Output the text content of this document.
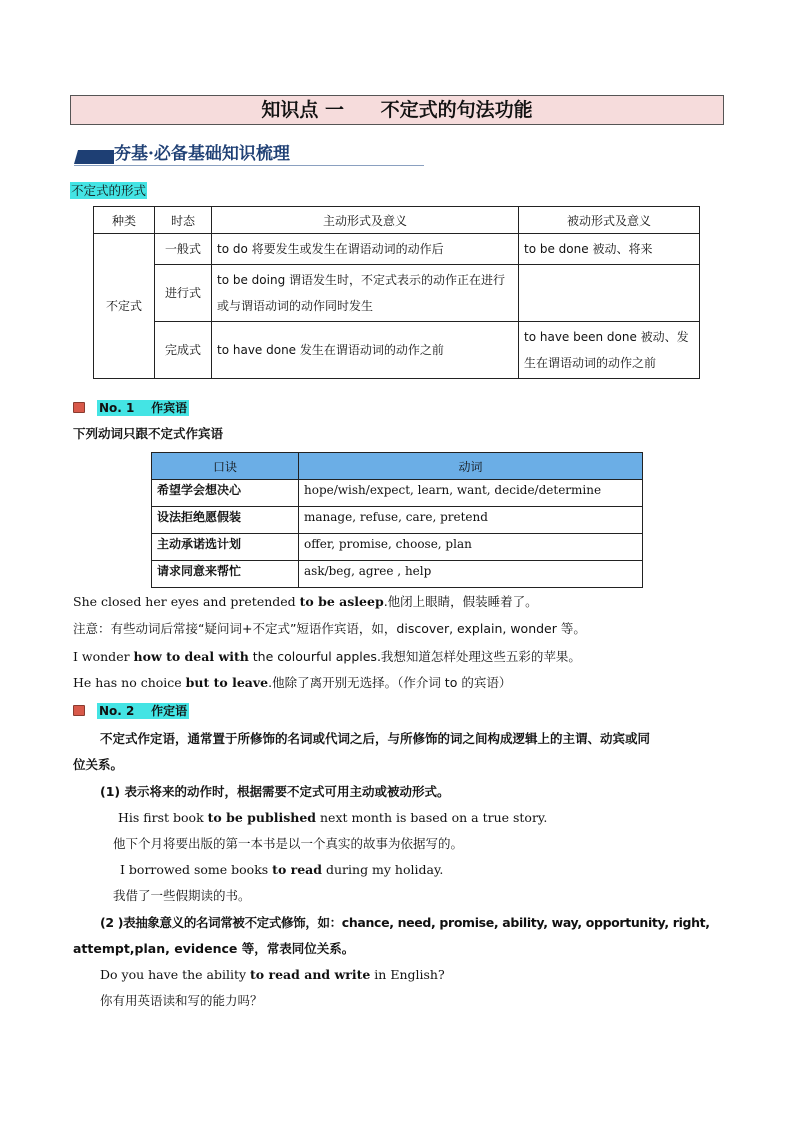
知识点 一 不定式的句法功能
夯基·必备基础知识梳理
不定式的形式
种类	时态	主动形式及意义	被动形式及意义
不定式	一般式	to do 将要发生或发生在谓语动词的动作后	to be done 被动、将来
	进行式	to be doing 谓语发生时，不定式表示的动作正在进行或与谓语动词的动作同时发生	
	完成式	to have done 发生在谓语动词的动作之前	to have been done 被动、发生在谓语动词的动作之前
No. 1 作宾语
下列动词只跟不定式作宾语
口诀	动词
希望学会想决心	hope/wish/expect, learn, want, decide/determine
设法拒绝愿假装	manage, refuse, care, pretend
主动承诺选计划	offer, promise, choose, plan
请求同意来帮忙	ask/beg, agree , help
She closed her eyes and pretended to be asleep.他闭上眼睛，假装睡着了。
注意：有些动词后常接“疑问词+不定式”短语作宾语，如，discover, explain, wonder 等。
I wonder how to deal with the colourful apples.我想知道怎样处理这些五彩的苹果。
He has no choice but to leave.他除了离开别无选择。（作介词 to 的宾语）
No. 2 作定语
不定式作定语，通常置于所修饰的名词或代词之后，与所修饰的词之间构成逻辑上的主谓、动宾或同
位关系。
(1) 表示将来的动作时，根据需要不定式可用主动或被动形式。
His first book to be published next month is based on a true story.
他下个月将要出版的第一本书是以一个真实的故事为依据写的。
I borrowed some books to read during my holiday.
我借了一些假期读的书。
(2 )表抽象意义的名词常被不定式修饰，如：chance, need, promise, ability, way, opportunity, right,
attempt,plan, evidence 等，常表同位关系。
Do you have the ability to read and write in English?
你有用英语读和写的能力吗？
